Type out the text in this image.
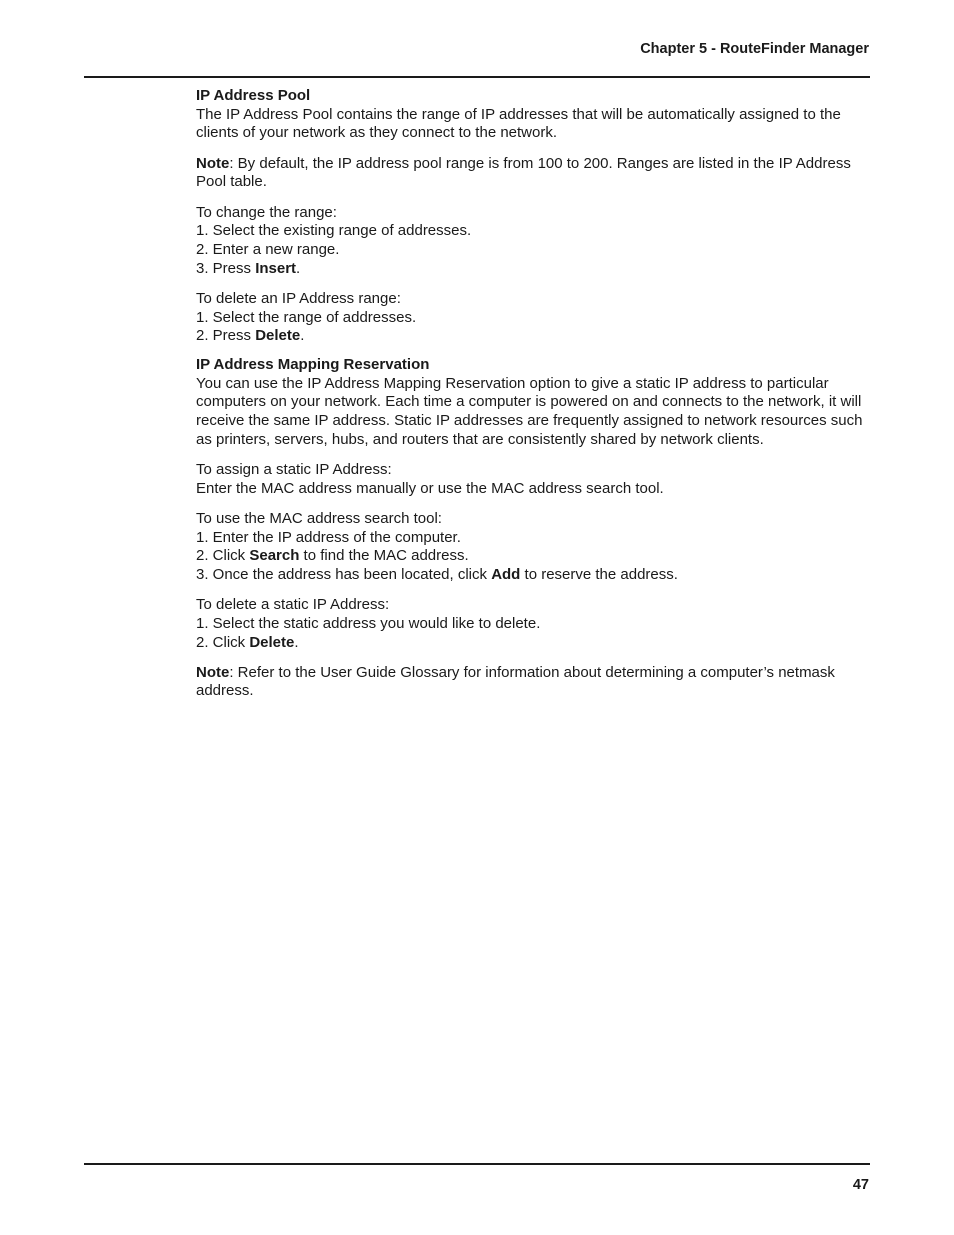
Chapter 5 - RouteFinder Manager

IP Address Pool
The IP Address Pool contains the range of IP addresses that will be automatically assigned to the clients of your network as they connect to the network.

Note: By default, the IP address pool range is from 100 to 200. Ranges are listed in the IP Address Pool table.

To change the range:
1. Select the existing range of addresses.
2. Enter a new range.
3. Press Insert.

To delete an IP Address range:
1. Select the range of addresses.
2. Press Delete.

IP Address Mapping Reservation
You can use the IP Address Mapping Reservation option to give a static IP address to particular computers on your network. Each time a computer is powered on and connects to the network, it will receive the same IP address. Static IP addresses are frequently assigned to network resources such as printers, servers, hubs, and routers that are consistently shared by network clients.

To assign a static IP Address:
Enter the MAC address manually or use the MAC address search tool.

To use the MAC address search tool:
1. Enter the IP address of the computer.
2. Click Search to find the MAC address.
3. Once the address has been located, click Add to reserve the address.

To delete a static IP Address:
1. Select the static address you would like to delete.
2. Click Delete.

Note: Refer to the User Guide Glossary for information about determining a computer’s netmask address.

47
